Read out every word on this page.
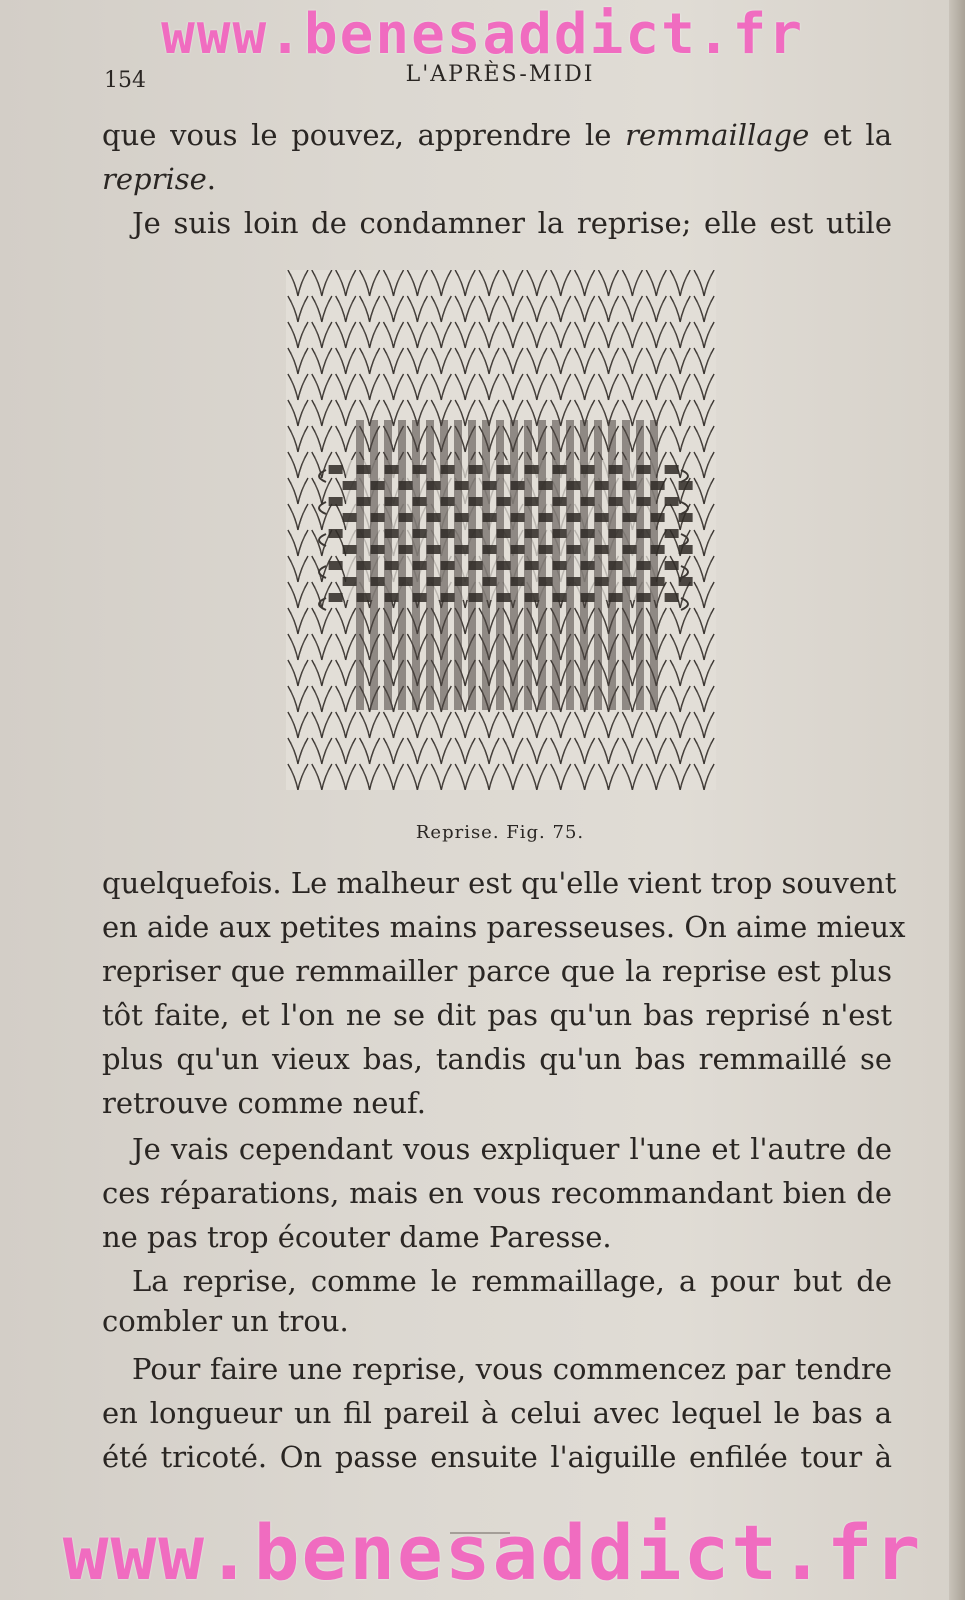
www.benesaddict.fr
154	L'APRÈS-MIDI
que vous le pouvez, apprendre le remmaillage et la
reprise.
Je suis loin de condamner la reprise; elle est utile
Reprise. Fig. 75.
quelquefois. Le malheur est qu'elle vient trop souvent
en aide aux petites mains paresseuses. On aime mieux
repriser que remmailler parce que la reprise est plus
tôt faite, et l'on ne se dit pas qu'un bas reprisé n'est
plus qu'un vieux bas, tandis qu'un bas remmaillé se
retrouve comme neuf.
Je vais cependant vous expliquer l'une et l'autre de
ces réparations, mais en vous recommandant bien de
ne pas trop écouter dame Paresse.
La reprise, comme le remmaillage, a pour but de
combler un trou.
Pour faire une reprise, vous commencez par tendre
en longueur un fil pareil à celui avec lequel le bas a
été tricoté. On passe ensuite l'aiguille enfilée tour à
www.benesaddict.fr
